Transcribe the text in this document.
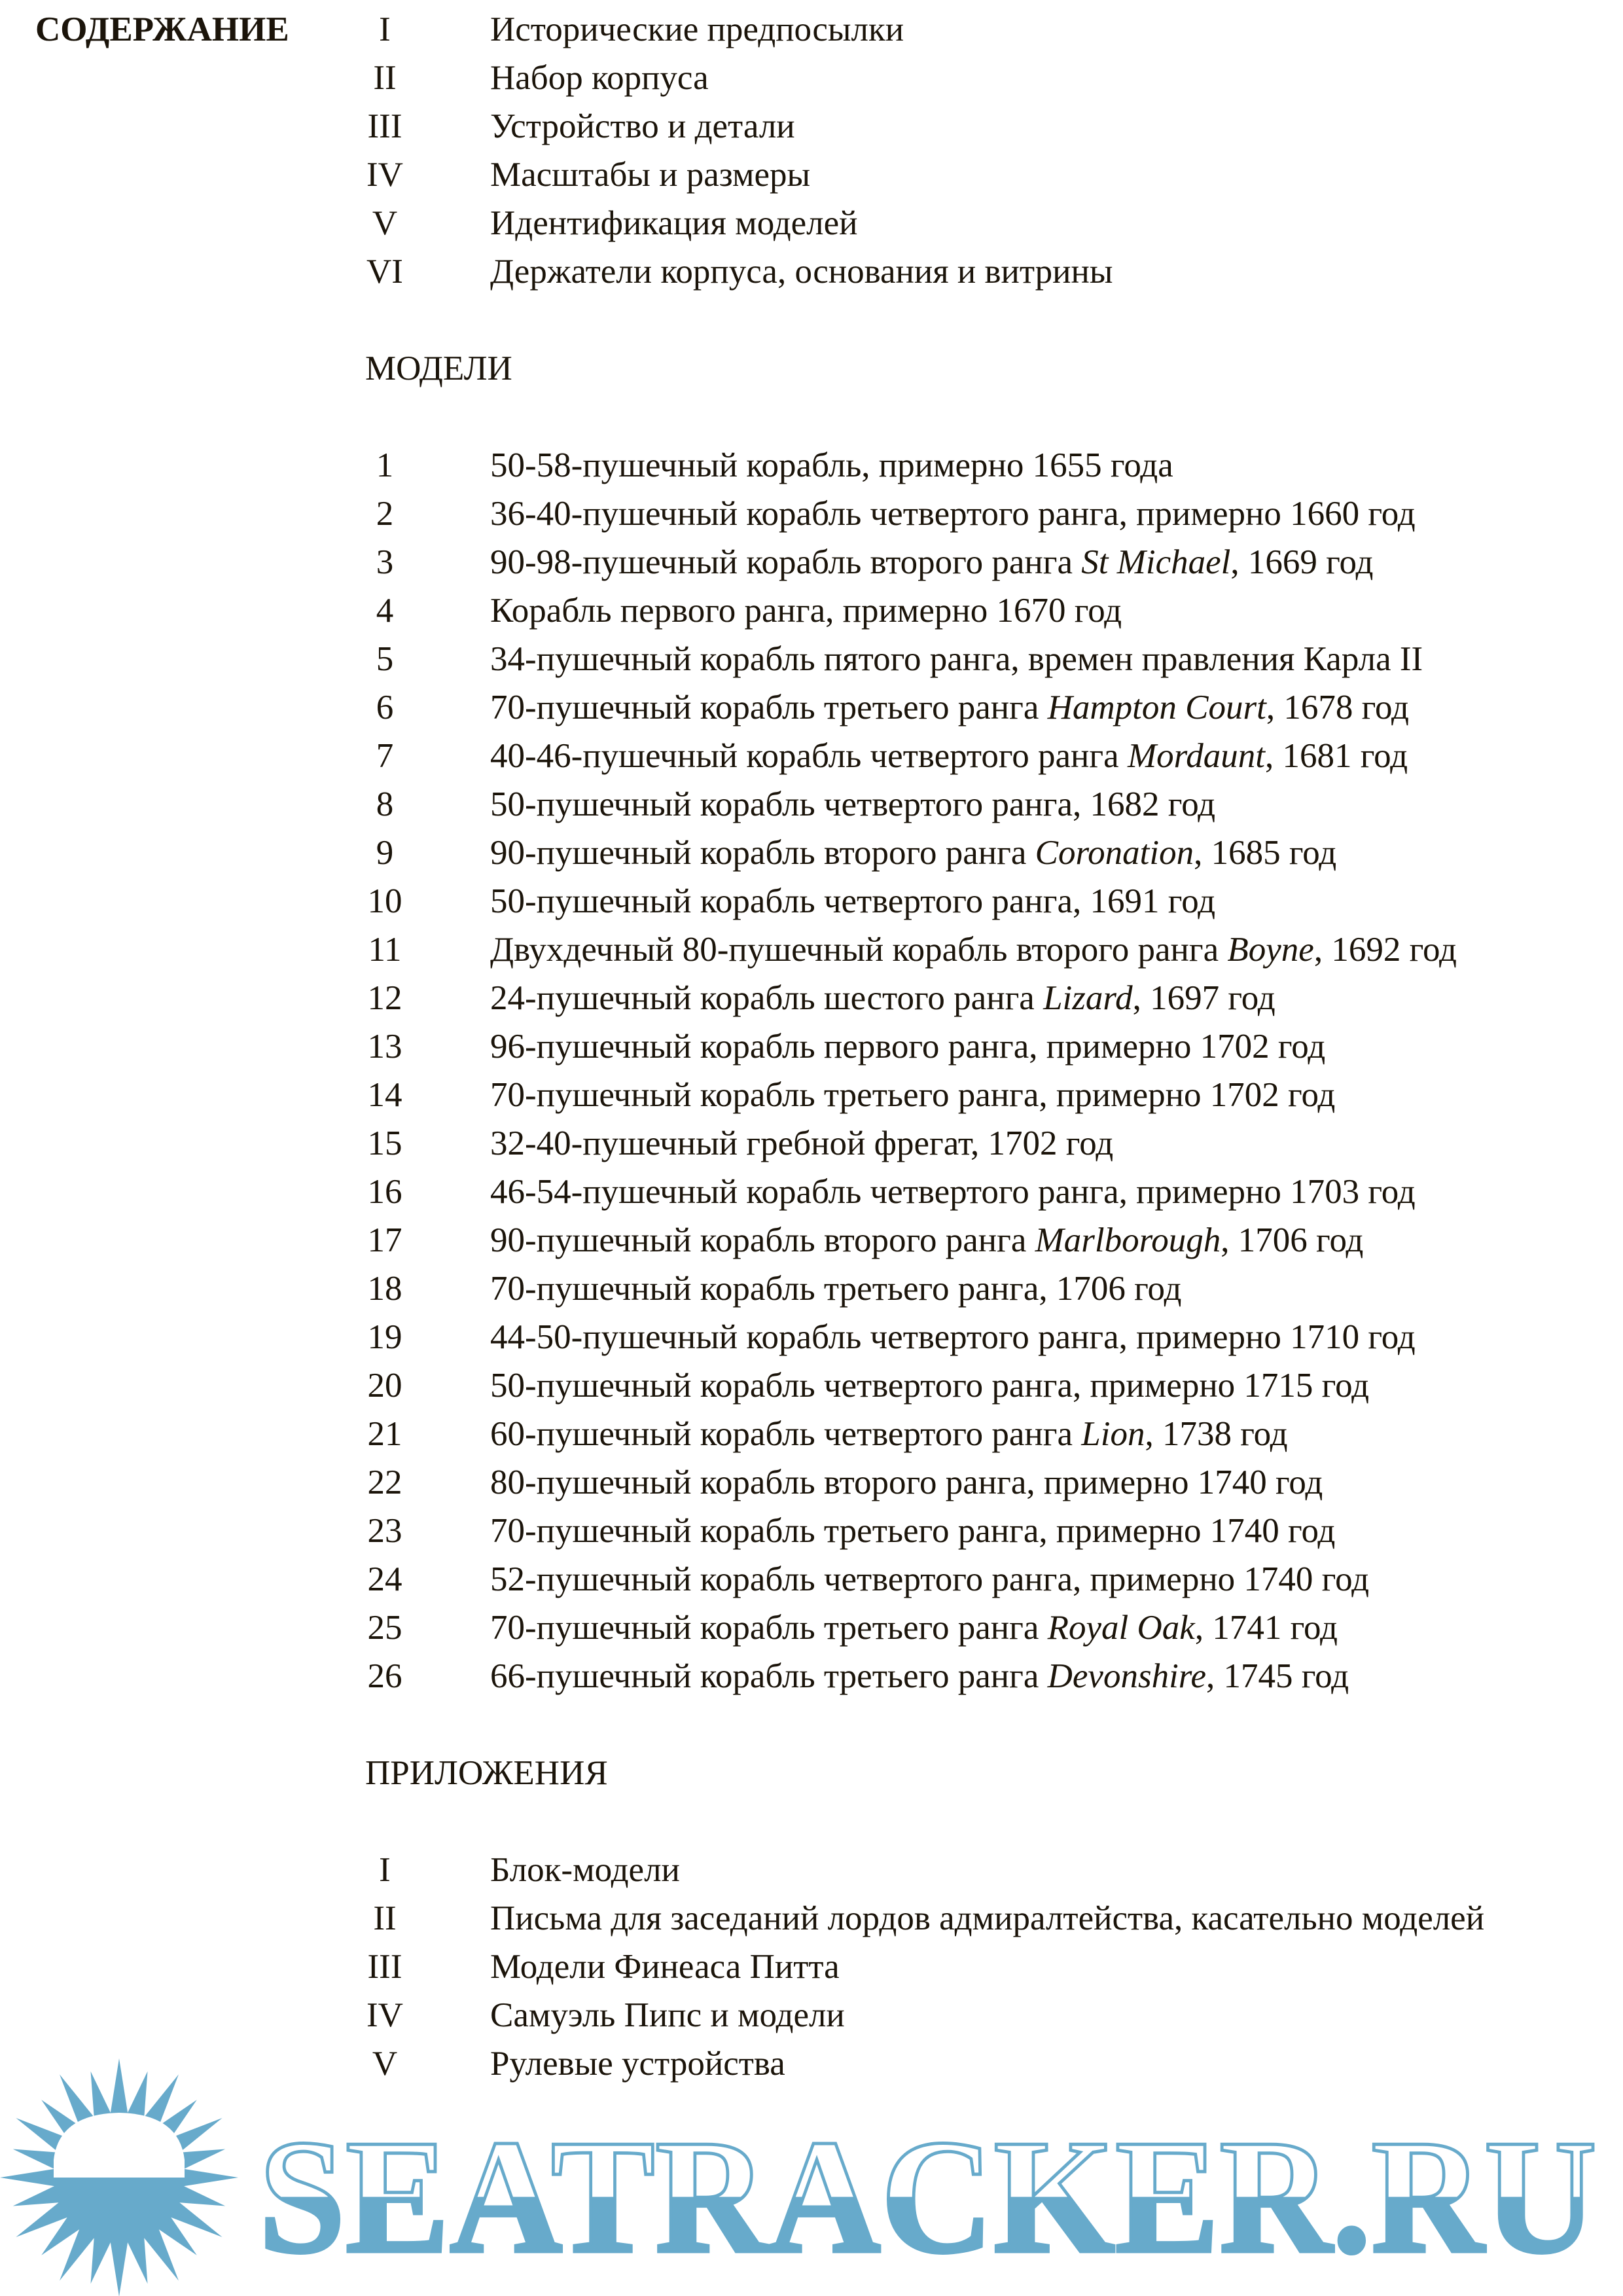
СОДЕРЖАНИЕ	I	Исторические предпосылки
II	Набор корпуса
III	Устройство и детали
IV	Масштабы и размеры
V	Идентификация моделей
VI	Держатели корпуса, основания и витрины
МОДЕЛИ
1	50-58-пушечный корабль, примерно 1655 года
2	36-40-пушечный корабль четвертого ранга, примерно 1660 год
3	90-98-пушечный корабль второго ранга St Michael, 1669 год
4	Корабль первого ранга, примерно 1670 год
5	34-пушечный корабль пятого ранга, времен правления Карла II
6	70-пушечный корабль третьего ранга Hampton Court, 1678 год
7	40-46-пушечный корабль четвертого ранга Mordaunt, 1681 год
8	50-пушечный корабль четвертого ранга, 1682 год
9	90-пушечный корабль второго ранга Coronation, 1685 год
10	50-пушечный корабль четвертого ранга, 1691 год
11	Двухдечный 80-пушечный корабль второго ранга Boyne, 1692 год
12	24-пушечный корабль шестого ранга Lizard, 1697 год
13	96-пушечный корабль первого ранга, примерно 1702 год
14	70-пушечный корабль третьего ранга, примерно 1702 год
15	32-40-пушечный гребной фрегат, 1702 год
16	46-54-пушечный корабль четвертого ранга, примерно 1703 год
17	90-пушечный корабль второго ранга Marlborough, 1706 год
18	70-пушечный корабль третьего ранга, 1706 год
19	44-50-пушечный корабль четвертого ранга, примерно 1710 год
20	50-пушечный корабль четвертого ранга, примерно 1715 год
21	60-пушечный корабль четвертого ранга Lion, 1738 год
22	80-пушечный корабль второго ранга, примерно 1740 год
23	70-пушечный корабль третьего ранга, примерно 1740 год
24	52-пушечный корабль четвертого ранга, примерно 1740 год
25	70-пушечный корабль третьего ранга Royal Oak, 1741 год
26	66-пушечный корабль третьего ранга Devonshire, 1745 год
ПРИЛОЖЕНИЯ
I	Блок-модели
II	Письма для заседаний лордов адмиралтейства, касательно моделей
III	Модели Финеаса Питта
IV	Самуэль Пипс и модели
V	Рулевые устройства
SEATRACKER.RU
